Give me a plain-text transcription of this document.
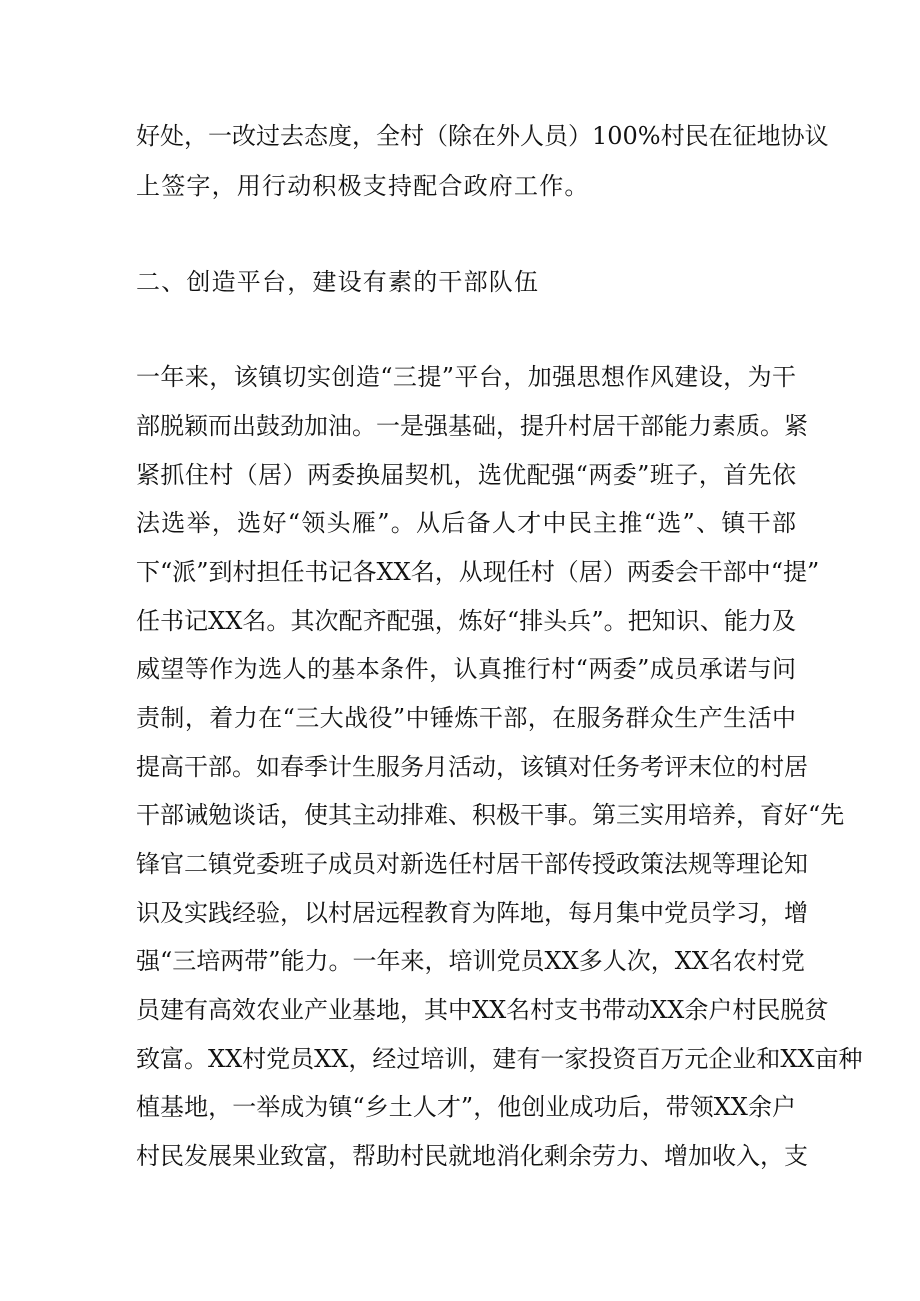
好处，一改过去态度，全村（除在外人员）100%村民在征地协议
上签字，用行动积极支持配合政府工作。
二、创造平台，建设有素的干部队伍
一年来，该镇切实创造“三提”平台，加强思想作风建设，为干
部脱颖而出鼓劲加油。一是强基础，提升村居干部能力素质。紧
紧抓住村（居）两委换届契机，选优配强“两委”班子，首先依
法选举，选好“领头雁”。从后备人才中民主推“选”、镇干部
下“派”到村担任书记各XX名，从现任村（居）两委会干部中“提”
任书记XX名。其次配齐配强，炼好“排头兵”。把知识、能力及
威望等作为选人的基本条件，认真推行村“两委”成员承诺与问
责制，着力在“三大战役”中锤炼干部，在服务群众生产生活中
提高干部。如春季计生服务月活动，该镇对任务考评末位的村居
干部诫勉谈话，使其主动排难、积极干事。第三实用培养，育好“先
锋官二镇党委班子成员对新选任村居干部传授政策法规等理论知
识及实践经验，以村居远程教育为阵地，每月集中党员学习，增
强“三培两带”能力。一年来，培训党员XX多人次，XX名农村党
员建有高效农业产业基地，其中XX名村支书带动XX余户村民脱贫
致富。XX村党员XX，经过培训，建有一家投资百万元企业和XX亩种
植基地，一举成为镇“乡土人才”，他创业成功后，带领XX余户
村民发展果业致富，帮助村民就地消化剩余劳力、增加收入，支
